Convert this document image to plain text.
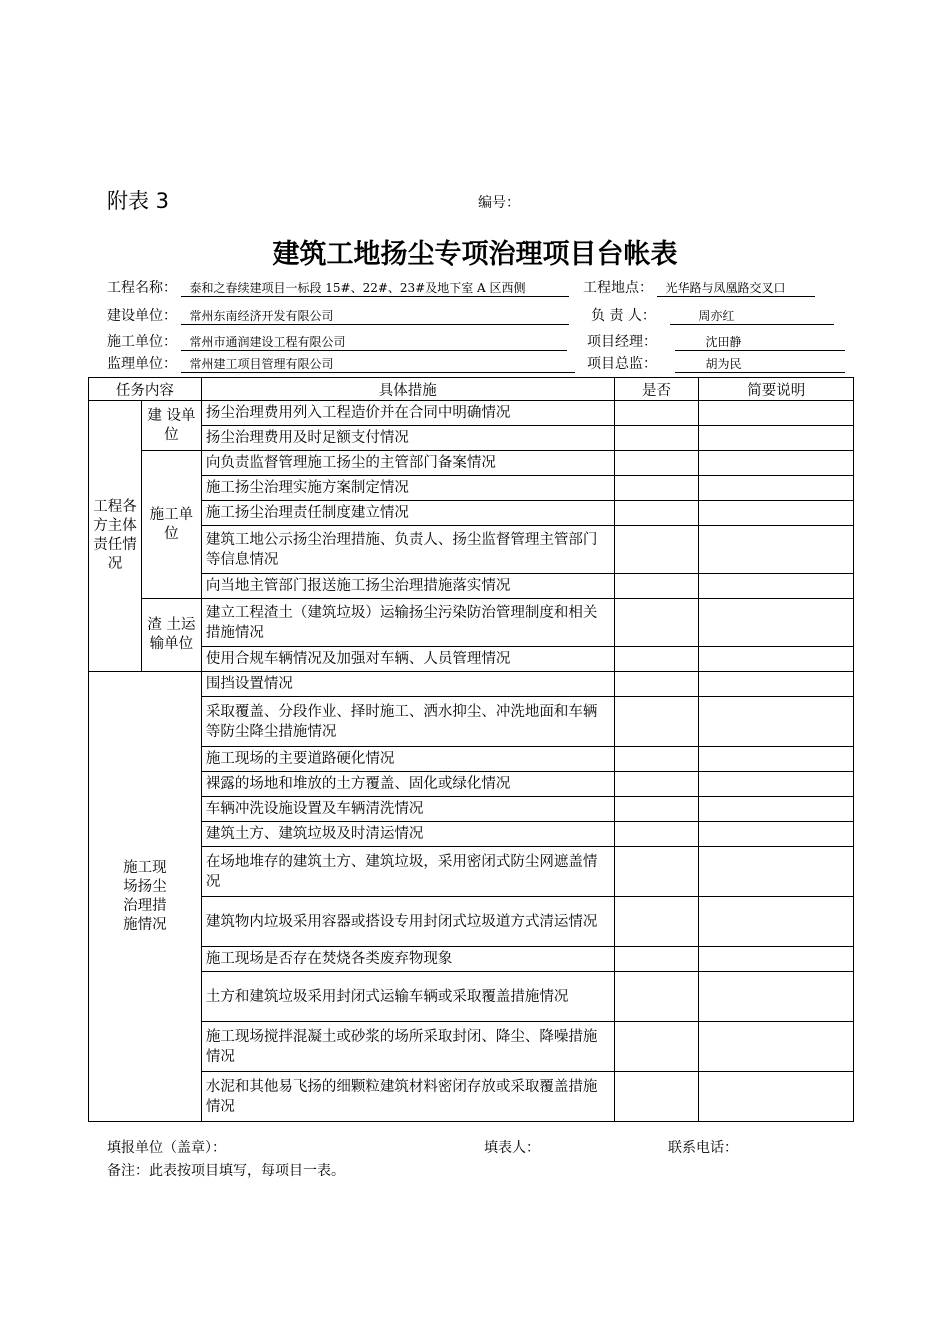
附表 3	编号：
建筑工地扬尘专项治理项目台帐表
工程名称： 泰和之春续建项目一标段 15#、22#、23#及地下室 A 区西侧	工程地点： 光华路与凤凰路交叉口
建设单位： 常州东南经济开发有限公司	负 责 人：	周亦红
施工单位： 常州市通润建设工程有限公司	项目经理：	沈田静
监理单位： 常州建工项目管理有限公司	项目总监：	胡为民
任务内容		具体措施	是否	简要说明
工程各方主体责任情况	建 设单位	扬尘治理费用列入工程造价并在合同中明确情况		
		扬尘治理费用及时足额支付情况		
	施工单位	向负责监督管理施工扬尘的主管部门备案情况		
		施工扬尘治理实施方案制定情况		
		施工扬尘治理责任制度建立情况		
		建筑工地公示扬尘治理措施、负责人、扬尘监督管理主管部门等信息情况		
		向当地主管部门报送施工扬尘治理措施落实情况		
	渣 土运 输单位	建立工程渣土（建筑垃圾）运输扬尘污染防治管理制度和相关措施情况		
		使用合规车辆情况及加强对车辆、人员管理情况		
施工现场扬尘治理措施情况		围挡设置情况		
		采取覆盖、分段作业、择时施工、洒水抑尘、冲洗地面和车辆等防尘降尘措施情况		
		施工现场的主要道路硬化情况		
		裸露的场地和堆放的土方覆盖、固化或绿化情况		
		车辆冲洗设施设置及车辆清洗情况		
		建筑土方、建筑垃圾及时清运情况		
		在场地堆存的建筑土方、建筑垃圾，采用密闭式防尘网遮盖情况		
		建筑物内垃圾采用容器或搭设专用封闭式垃圾道方式清运情况		
		施工现场是否存在焚烧各类废弃物现象		
		土方和建筑垃圾采用封闭式运输车辆或采取覆盖措施情况		
		施工现场搅拌混凝土或砂浆的场所采取封闭、降尘、降噪措施情况		
		水泥和其他易飞扬的细颗粒建筑材料密闭存放或采取覆盖措施情况		
填报单位（盖章）：	填表人：	联系电话：
备注：此表按项目填写，每项目一表。
